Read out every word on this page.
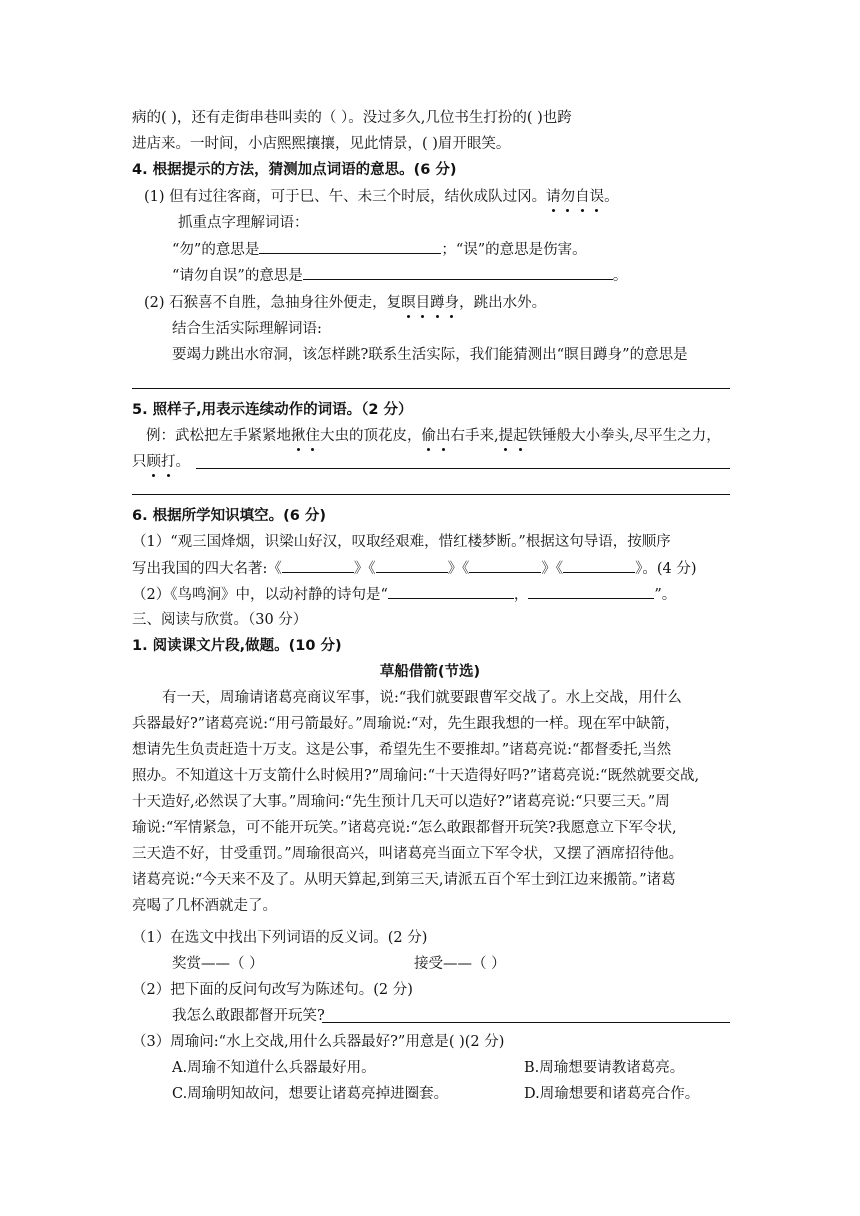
病的( )，还有走街串巷叫卖的（ ）。没过多久,几位书生打扮的( )也跨
进店来。一时间，小店熙熙攘攘，见此情景，( )眉开眼笑。
4. 根据提示的方法，猜测加点词语的意思。(6 分)
(1) 但有过往客商，可于巳、午、未三个时辰，结伙成队过冈。请勿自误。
抓重点字理解词语：
“勿”的意思是	；“误”的意思是伤害。
“请勿自误”的意思是	。
(2) 石猴喜不自胜，急抽身往外便走，复瞑目蹲身，跳出水外。
结合生活实际理解词语:
要竭力跳出水帘洞，该怎样跳?联系生活实际，我们能猜测出“瞑目蹲身”的意思是
5. 照样子,用表示连续动作的词语。（2 分）
例：武松把左手紧紧地揪住大虫的顶花皮，偷出右手来,提起铁锤般大小拳头,尽平生之力，
只顾打。
6. 根据所学知识填空。(6 分)
（1）“观三国烽烟，识梁山好汉，叹取经艰难，惜红楼梦断。”根据这句导语，按顺序
写出我国的四大名著:《	》《	》《	》《	》。(4 分)
（2）《鸟鸣涧》中，以动衬静的诗句是“	，	”。
三、阅读与欣赏。（30 分）
1. 阅读课文片段,做题。(10 分)
草船借箭(节选)
有一天，周瑜请诸葛亮商议军事，说:“我们就要跟曹军交战了。水上交战，用什么
兵器最好?”诸葛亮说:“用弓箭最好。”周瑜说:“对，先生跟我想的一样。现在军中缺箭，
想请先生负责赶造十万支。这是公事，希望先生不要推却。”诸葛亮说:“都督委托,当然
照办。不知道这十万支箭什么时候用?”周瑜问:“十天造得好吗?”诸葛亮说:“既然就要交战,
十天造好,必然误了大事。”周瑜问:“先生预计几天可以造好?”诸葛亮说:“只要三天。”周
瑜说:“军情紧急，可不能开玩笑。”诸葛亮说:“怎么敢跟都督开玩笑?我愿意立下军令状,
三天造不好，甘受重罚。”周瑜很高兴，叫诸葛亮当面立下军令状，又摆了酒席招待他。
诸葛亮说:“今天来不及了。从明天算起,到第三天,请派五百个军士到江边来搬箭。”诸葛
亮喝了几杯酒就走了。
（1）在选文中找出下列词语的反义词。(2 分)
奖赏——（ ）	接受——（ ）
（2）把下面的反问句改写为陈述句。(2 分)
我怎么敢跟都督开玩笑?
（3）周瑜问:“水上交战,用什么兵器最好?”用意是( )(2 分)
A.周瑜不知道什么兵器最好用。	B.周瑜想要请教诸葛亮。
C.周瑜明知故问，想要让诸葛亮掉进圈套。	D.周瑜想要和诸葛亮合作。
